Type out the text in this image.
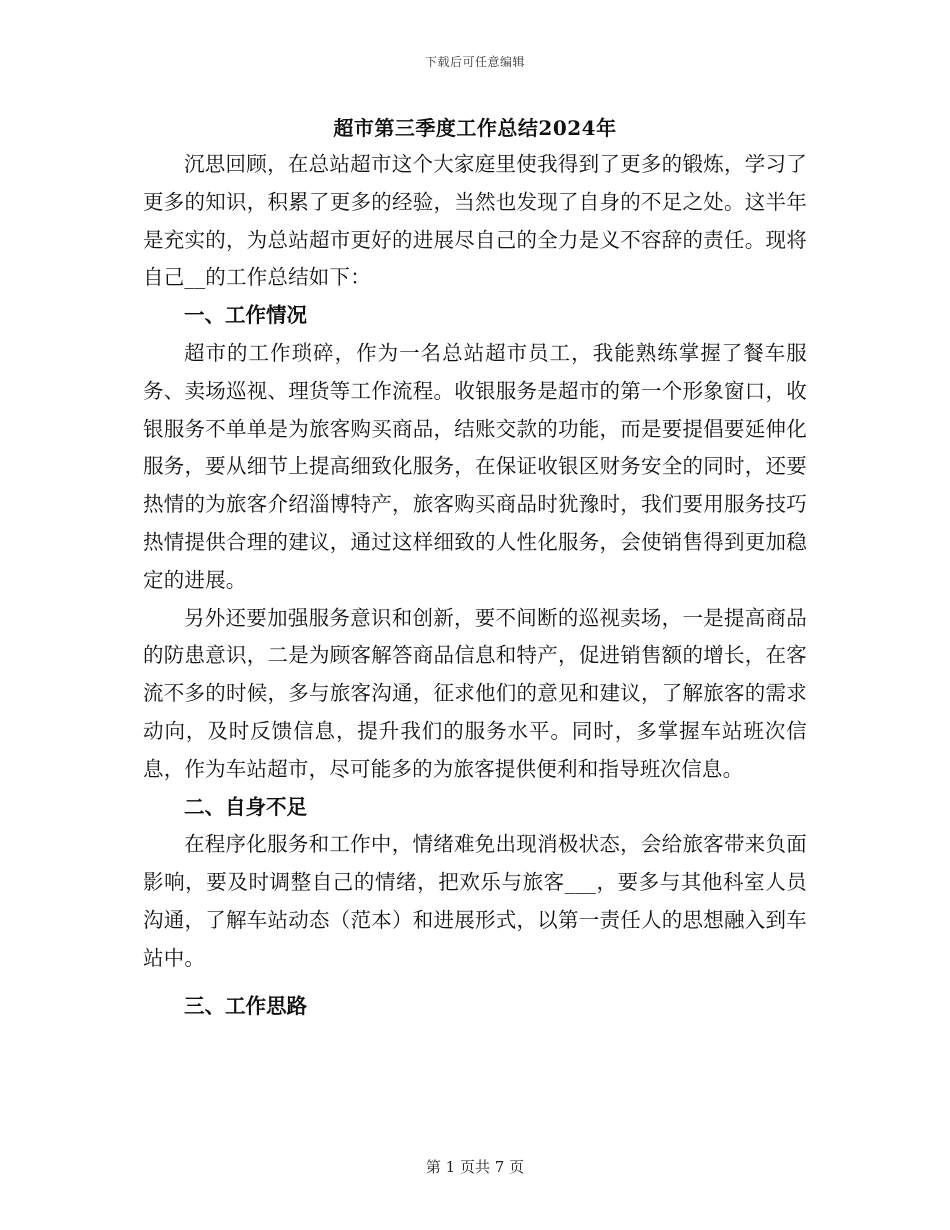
下载后可任意编辑
超市第三季度工作总结2024年

沉思回顾，在总站超市这个大家庭里使我得到了更多的锻炼，学习了更多的知识，积累了更多的经验，当然也发现了自身的不足之处。这半年是充实的，为总站超市更好的进展尽自己的全力是义不容辞的责任。现将自己__的工作总结如下：

一、工作情况

超市的工作琐碎，作为一名总站超市员工，我能熟练掌握了餐车服务、卖场巡视、理货等工作流程。收银服务是超市的第一个形象窗口，收银服务不单单是为旅客购买商品，结账交款的功能，而是要提倡要延伸化服务，要从细节上提高细致化服务，在保证收银区财务安全的同时，还要热情的为旅客介绍淄博特产，旅客购买商品时犹豫时，我们要用服务技巧热情提供合理的建议，通过这样细致的人性化服务，会使销售得到更加稳定的进展。

另外还要加强服务意识和创新，要不间断的巡视卖场，一是提高商品的防患意识，二是为顾客解答商品信息和特产，促进销售额的增长，在客流不多的时候，多与旅客沟通，征求他们的意见和建议，了解旅客的需求动向，及时反馈信息，提升我们的服务水平。同时，多掌握车站班次信息，作为车站超市，尽可能多的为旅客提供便利和指导班次信息。

二、自身不足

在程序化服务和工作中，情绪难免出现消极状态，会给旅客带来负面影响，要及时调整自己的情绪，把欢乐与旅客___，要多与其他科室人员沟通，了解车站动态（范本）和进展形式，以第一责任人的思想融入到车站中。

三、工作思路

第 1 页共 7 页
